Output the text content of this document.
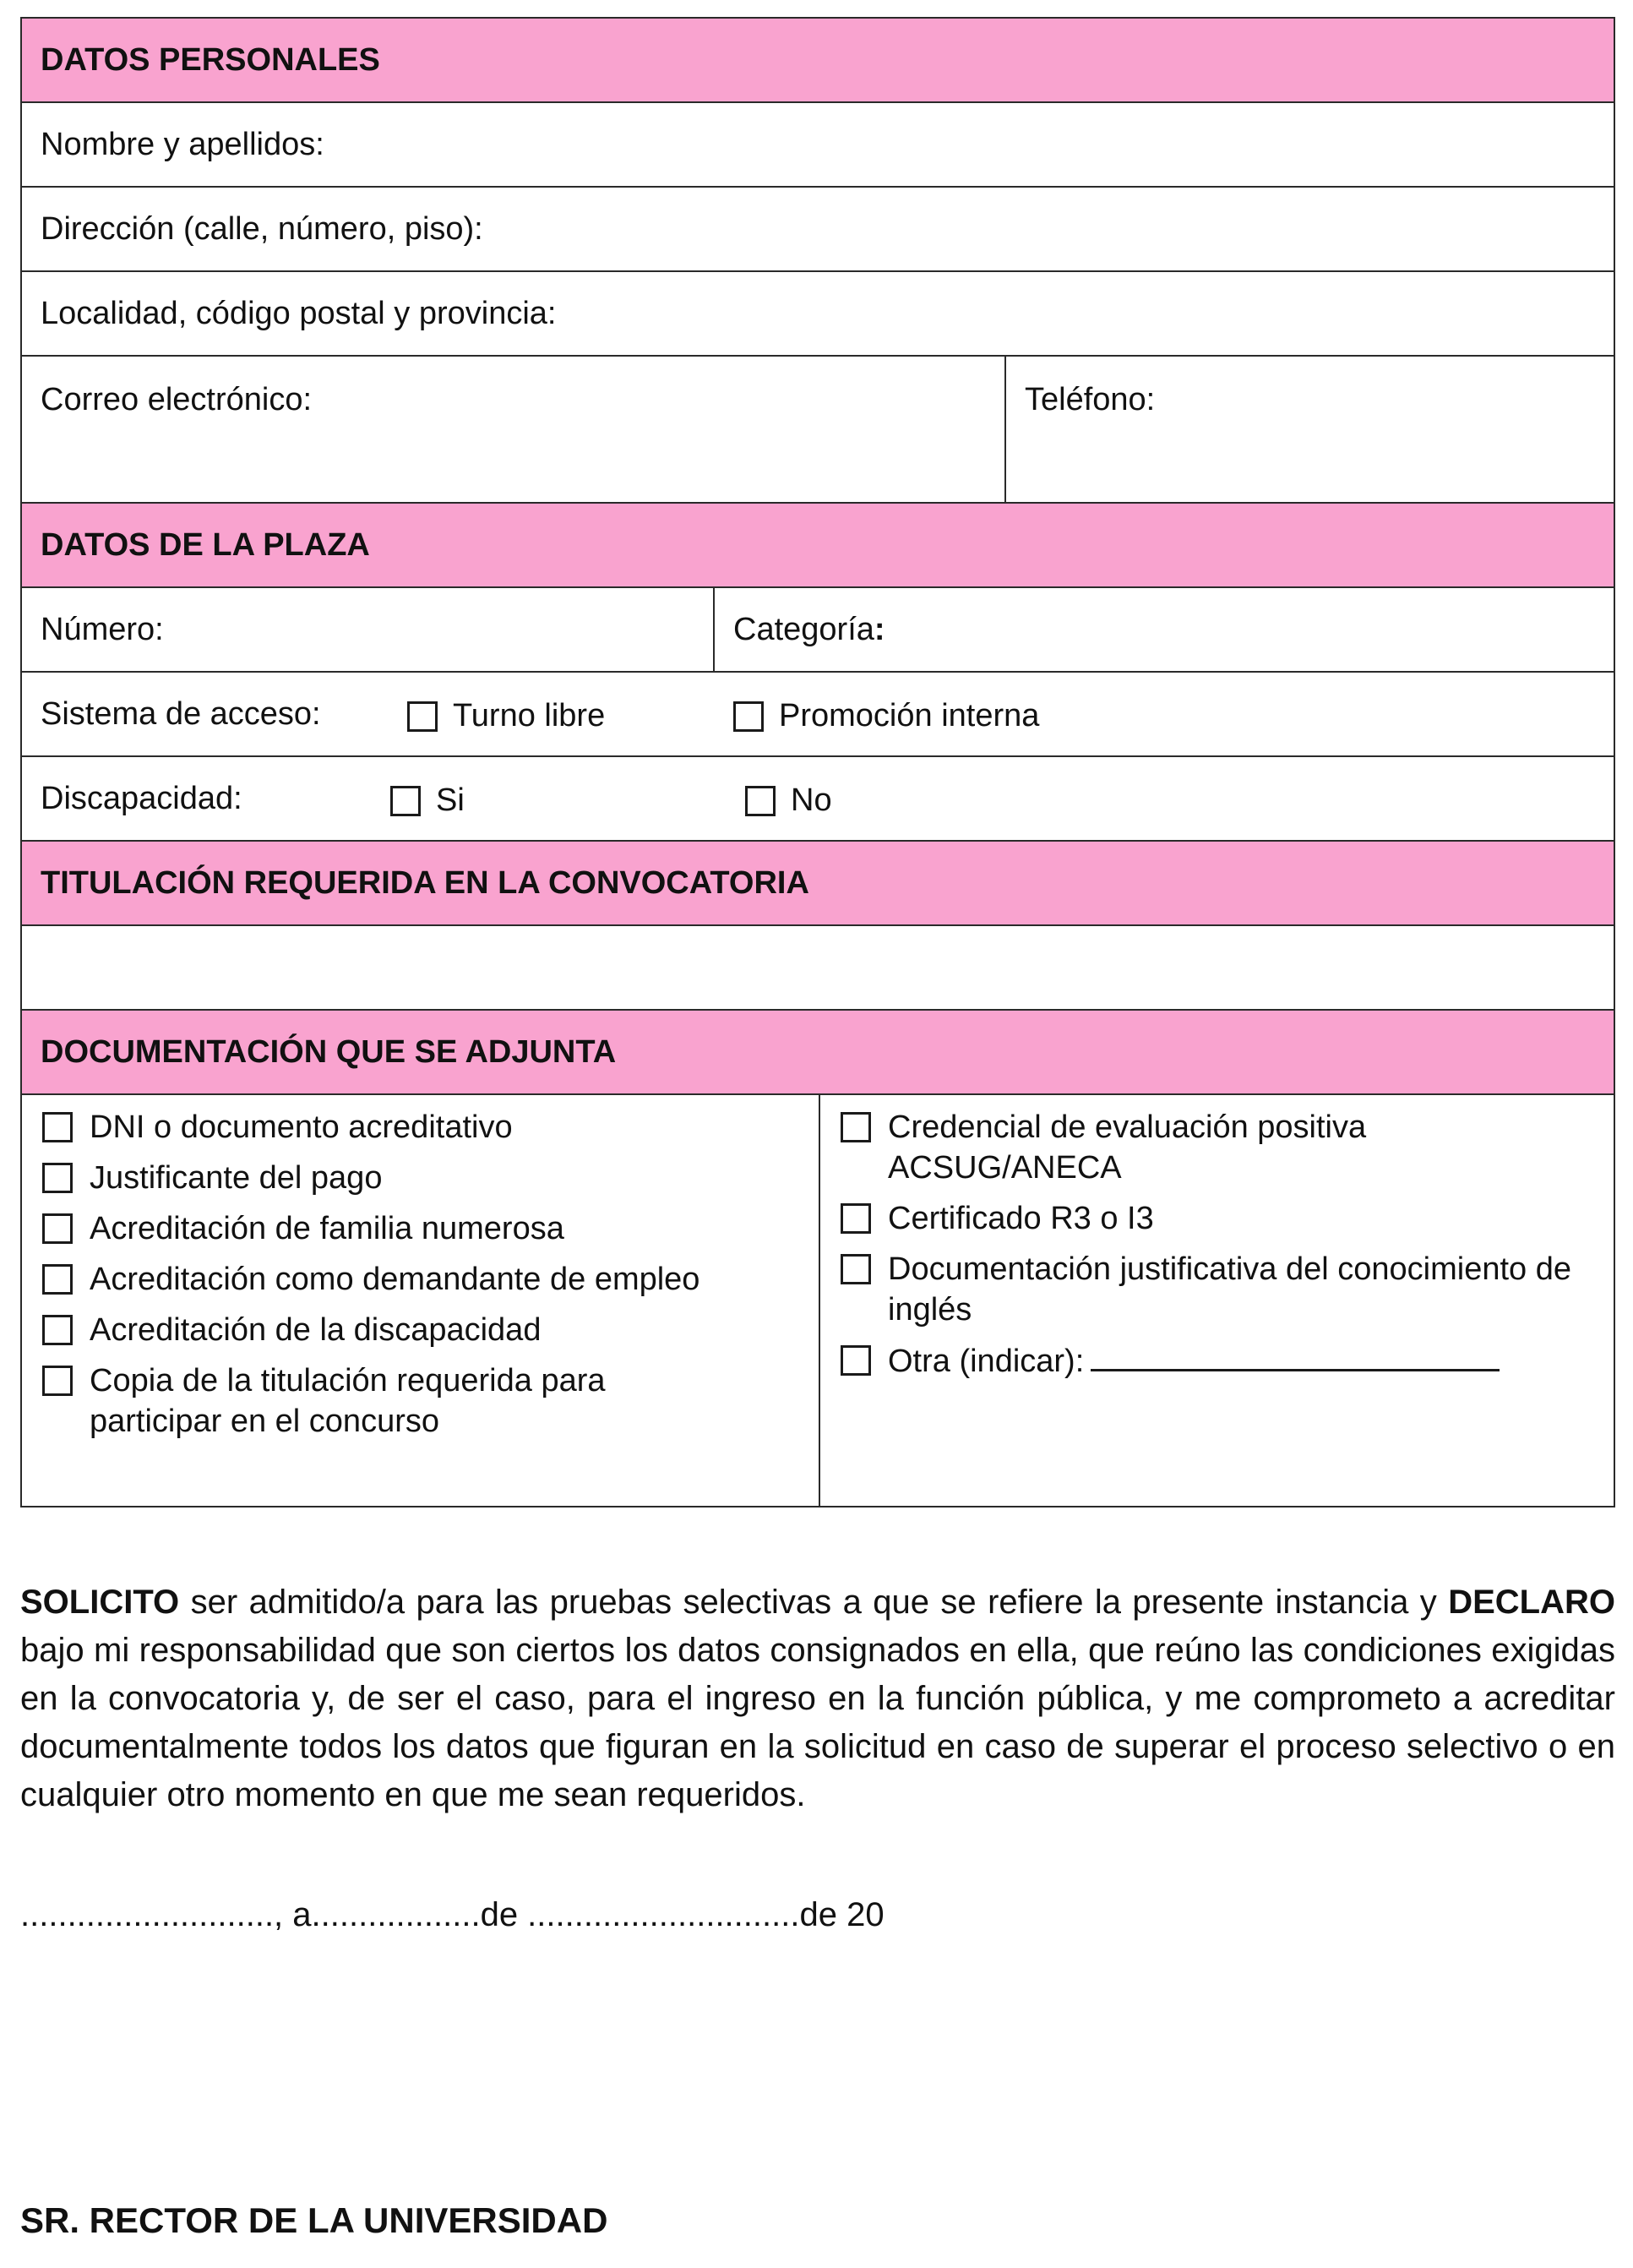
DATOS PERSONALES
Nombre y apellidos:
Dirección (calle, número, piso):
Localidad, código postal y provincia:
Correo electrónico:	Teléfono:
DATOS DE LA PLAZA
Número:	Categoría :
Sistema de acceso:	Turno libre	Promoción interna
Discapacidad:	Si	No
TITULACIÓN REQUERIDA EN LA CONVOCATORIA
DOCUMENTACIÓN QUE SE ADJUNTA
DNI o documento acreditativo
Justificante del pago
Acreditación de familia numerosa
Acreditación como demandante de empleo
Acreditación de la discapacidad
Copia de la titulación requerida para participar en el concurso
Credencial de evaluación positiva ACSUG/ANECA
Certificado R3 o I3
Documentación justificativa del conocimiento de inglés
Otra (indicar):
SOLICITO ser admitido/a para las pruebas selectivas a que se refiere la presente instancia y DECLARO bajo mi responsabilidad que son ciertos los datos consignados en ella, que reúno las condiciones exigidas en la convocatoria y, de ser el caso, para el ingreso en la función pública, y me comprometo a acreditar documentalmente todos los datos que figuran en la solicitud en caso de superar el proceso selectivo o en cualquier otro momento en que me sean requeridos.
..........................., a..................de .............................de 20
SR. RECTOR DE LA UNIVERSIDAD
